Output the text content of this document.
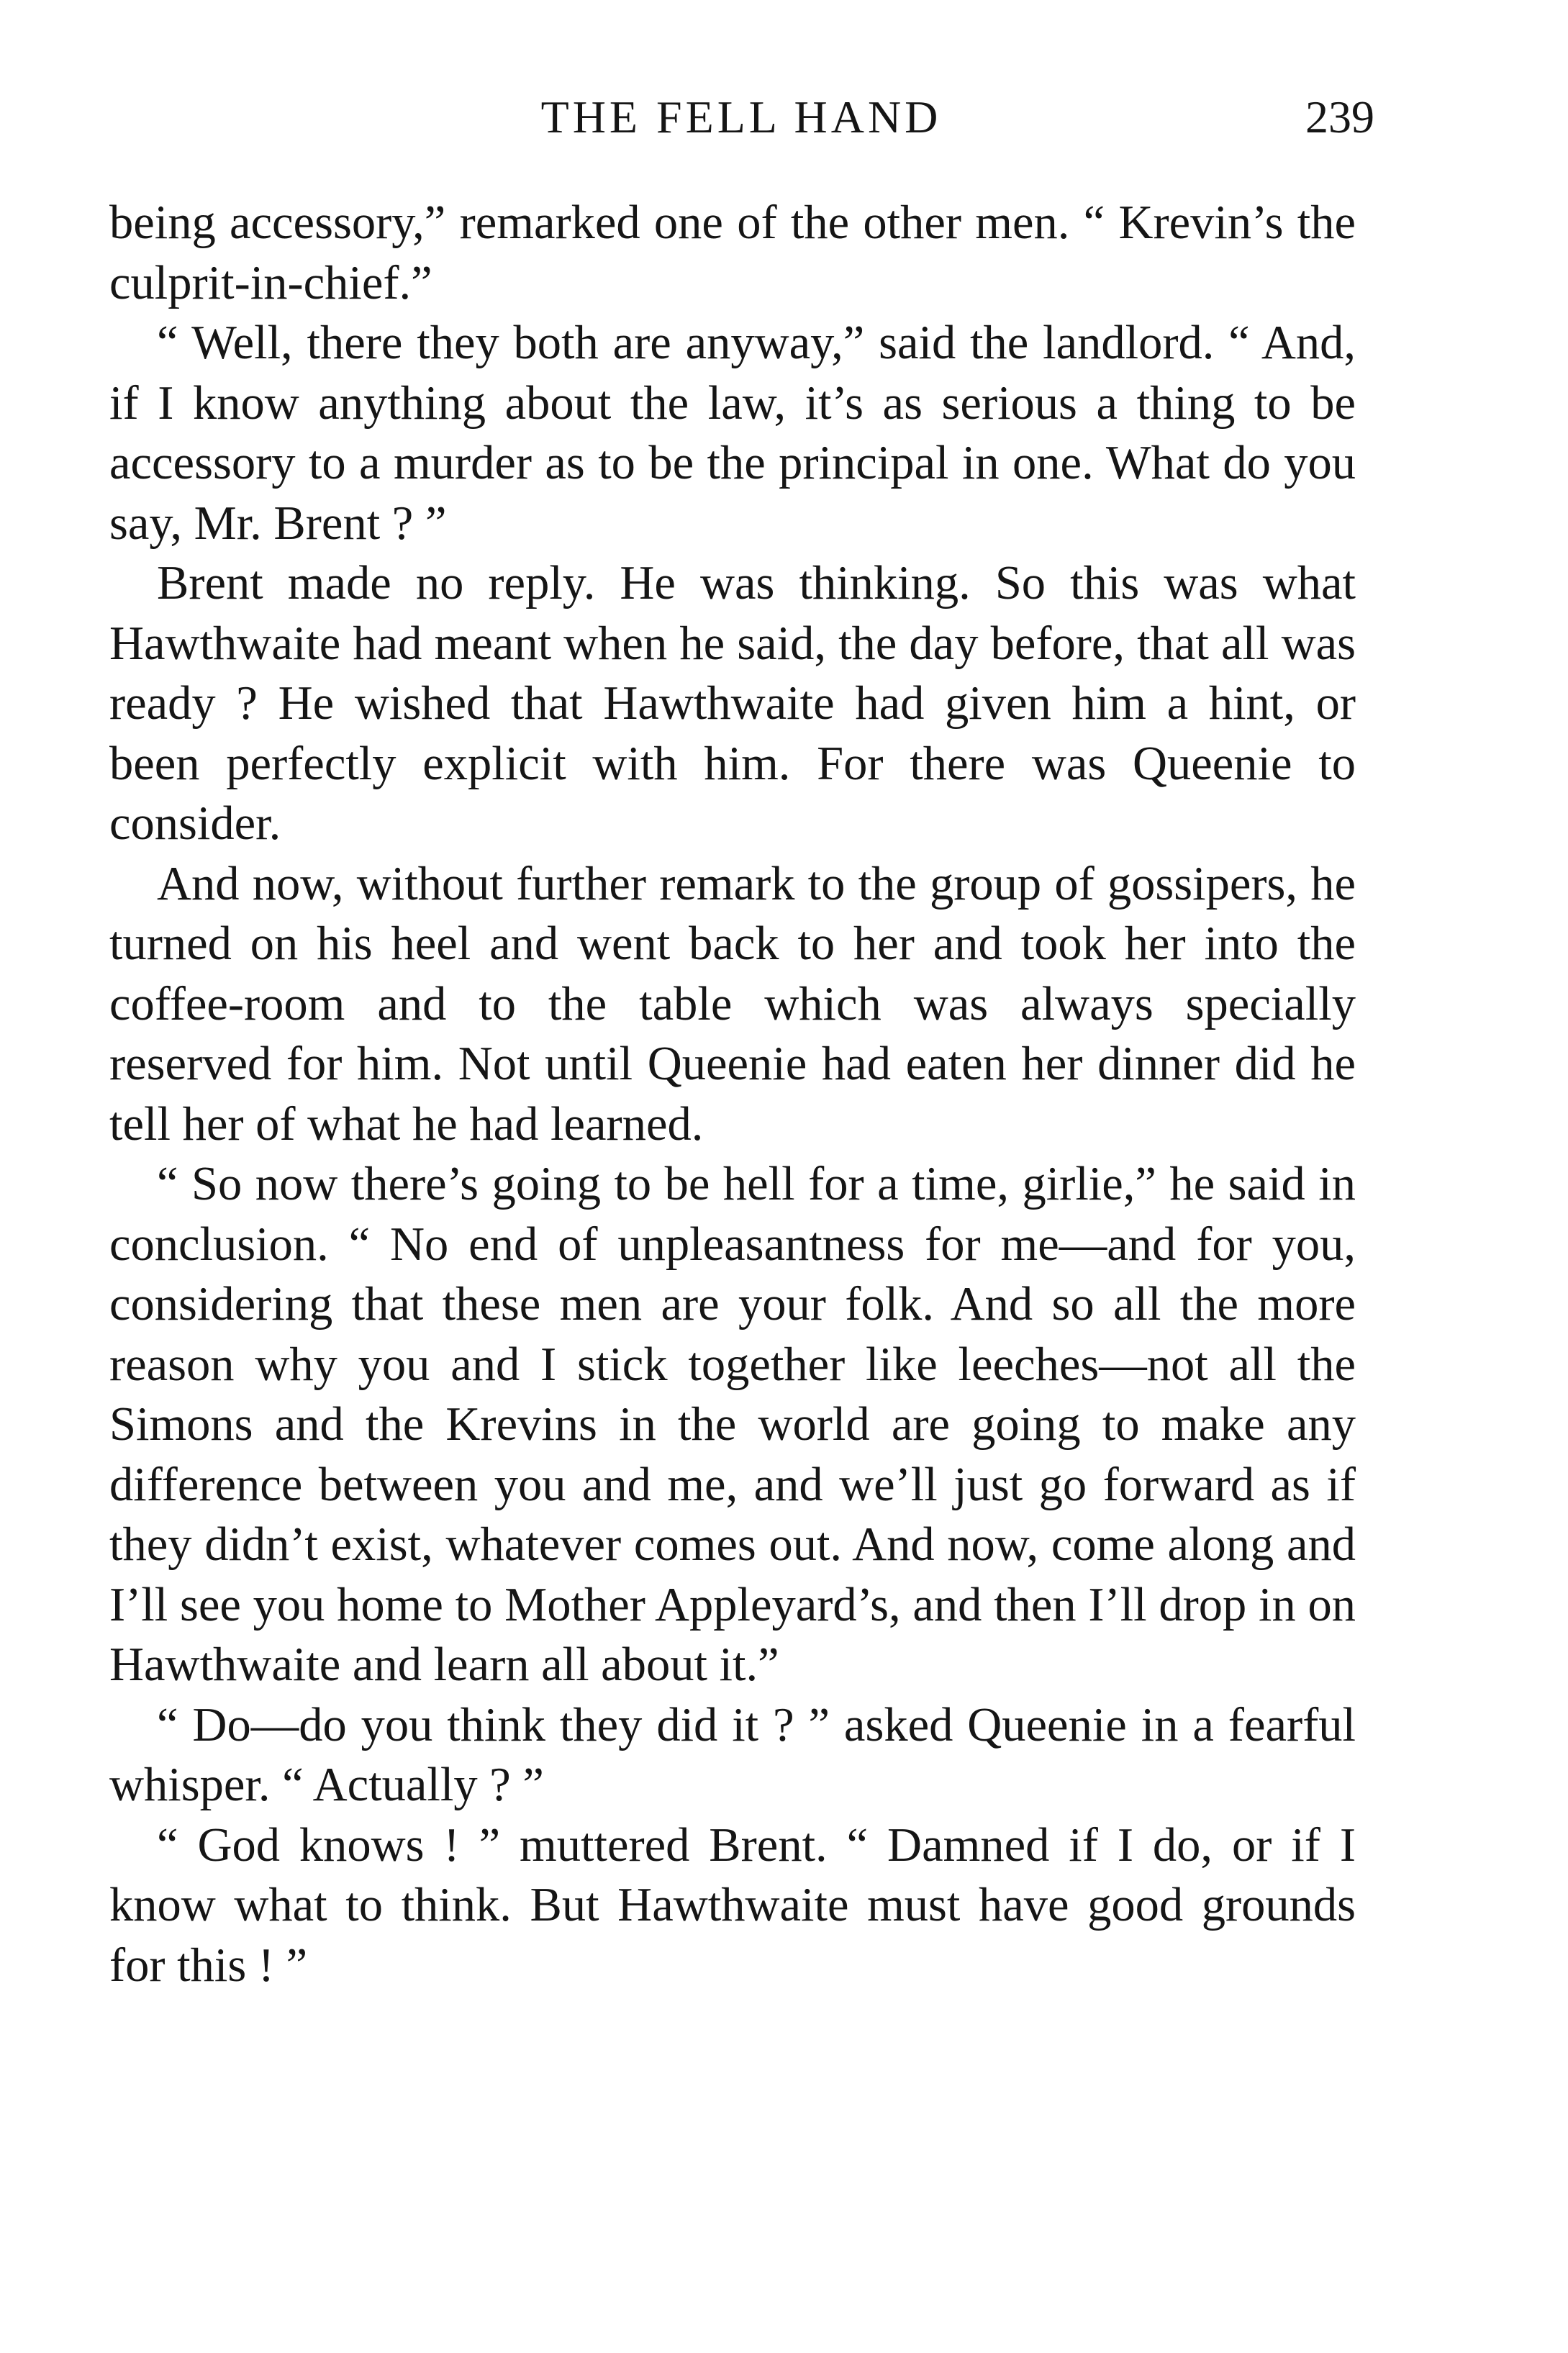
THE FELL HAND	239

being accessory,” remarked one of the other men. “ Krevin’s the culprit-in-chief.”

“ Well, there they both are anyway,” said the landlord. “ And, if I know anything about the law, it’s as serious a thing to be accessory to a murder as to be the principal in one. What do you say, Mr. Brent ? ”

Brent made no reply. He was thinking. So this was what Hawthwaite had meant when he said, the day before, that all was ready ? He wished that Hawthwaite had given him a hint, or been perfectly explicit with him. For there was Queenie to consider.

And now, without further remark to the group of gossipers, he turned on his heel and went back to her and took her into the coffee-room and to the table which was always specially reserved for him. Not until Queenie had eaten her dinner did he tell her of what he had learned.

“ So now there’s going to be hell for a time, girlie,” he said in conclusion. “ No end of unpleasantness for me—and for you, considering that these men are your folk. And so all the more reason why you and I stick together like leeches—not all the Simons and the Krevins in the world are going to make any difference between you and me, and we’ll just go forward as if they didn’t exist, whatever comes out. And now, come along and I’ll see you home to Mother Appleyard’s, and then I’ll drop in on Hawthwaite and learn all about it.”

“ Do—do you think they did it ? ” asked Queenie in a fearful whisper. “ Actually ? ”

“ God knows ! ” muttered Brent. “ Damned if I do, or if I know what to think. But Hawthwaite must have good grounds for this ! ”
